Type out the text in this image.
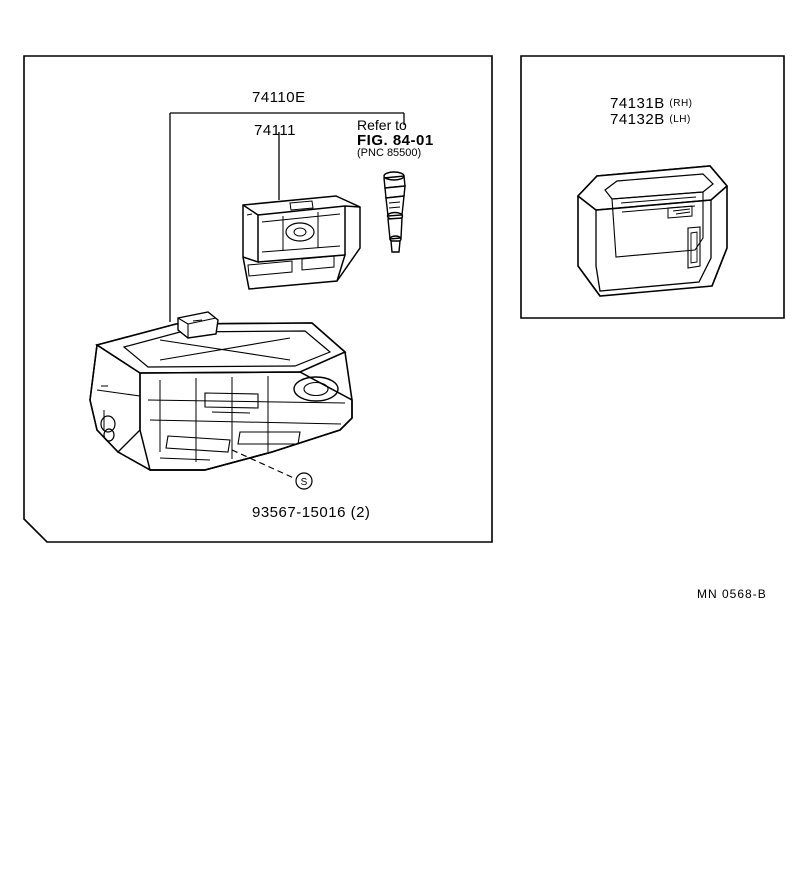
S
74110E
74111	Refer to
FIG. 84-01
(PNC 85500)
93567-15016 (2)
74131B $^{(RH)}$
74132B $^{(LH)}$
MN 0568-B
